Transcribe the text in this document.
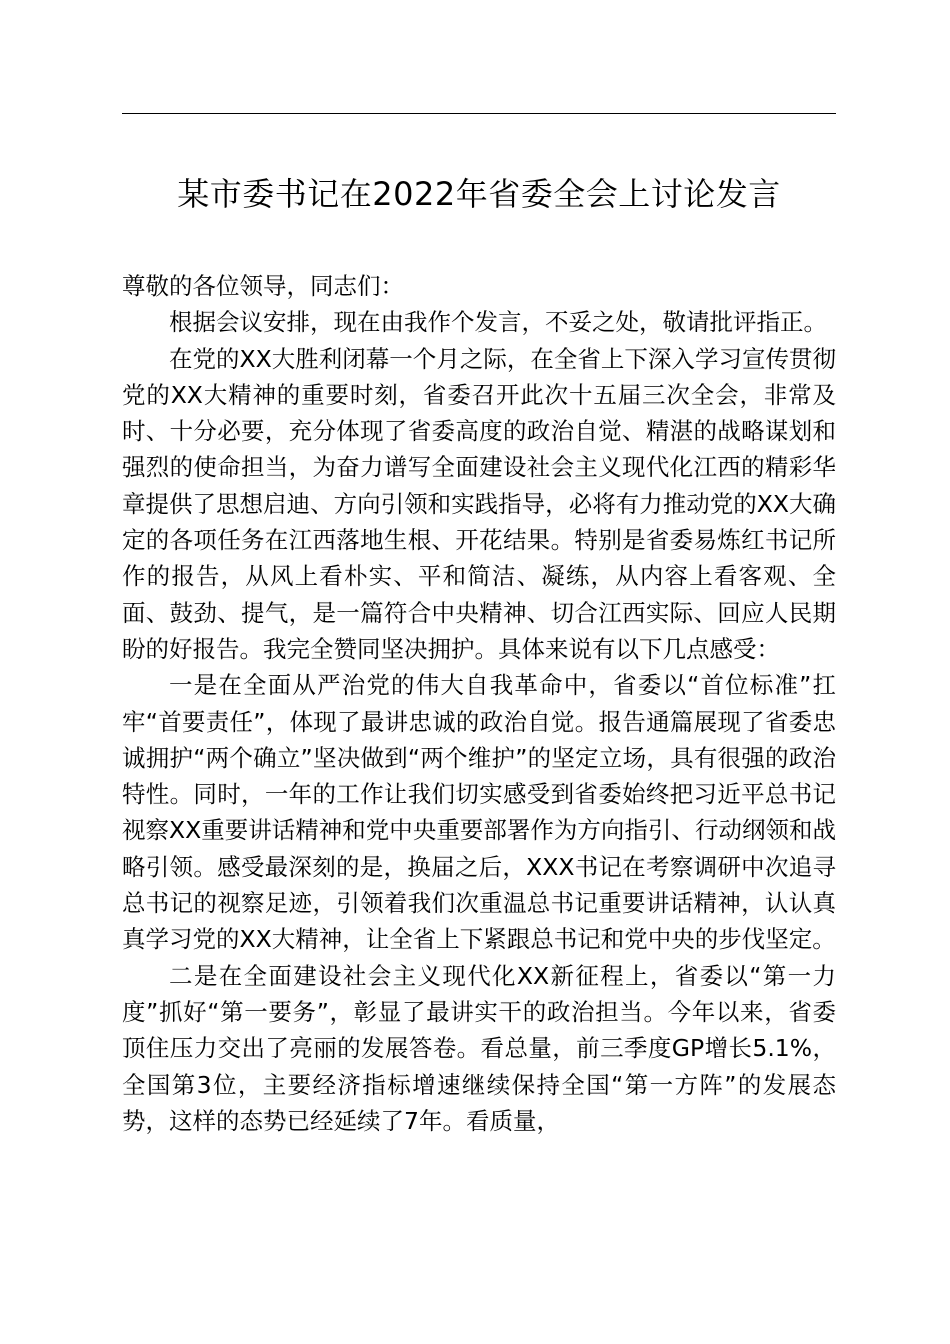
某市委书记在2022年省委全会上讨论发言

尊敬的各位领导，同志们：

根据会议安排，现在由我作个发言，不妥之处，敬请批评指正。

在党的XX大胜利闭幕一个月之际，在全省上下深入学习宣传贯彻党的XX大精神的重要时刻，省委召开此次十五届三次全会，非常及时、十分必要，充分体现了省委高度的政治自觉、精湛的战略谋划和强烈的使命担当，为奋力谱写全面建设社会主义现代化江西的精彩华章提供了思想启迪、方向引领和实践指导，必将有力推动党的XX大确定的各项任务在江西落地生根、开花结果。特别是省委易炼红书记所作的报告，从风上看朴实、平和简洁、凝练，从内容上看客观、全面、鼓劲、提气，是一篇符合中央精神、切合江西实际、回应人民期盼的好报告。我完全赞同坚决拥护。具体来说有以下几点感受：

一是在全面从严治党的伟大自我革命中，省委以“首位标准”扛牢“首要责任”，体现了最讲忠诚的政治自觉。报告通篇展现了省委忠诚拥护“两个确立”坚决做到“两个维护”的坚定立场，具有很强的政治特性。同时，一年的工作让我们切实感受到省委始终把习近平总书记视察XX重要讲话精神和党中央重要部署作为方向指引、行动纲领和战略引领。感受最深刻的是，换届之后，XXX书记在考察调研中次追寻总书记的视察足迹，引领着我们次重温总书记重要讲话精神，认认真真学习党的XX大精神，让全省上下紧跟总书记和党中央的步伐坚定。

二是在全面建设社会主义现代化XX新征程上，省委以“第一力度”抓好“第一要务”，彰显了最讲实干的政治担当。今年以来，省委顶住压力交出了亮丽的发展答卷。看总量，前三季度GP增长5.1%，全国第3位，主要经济指标增速继续保持全国“第一方阵”的发展态势，这样的态势已经延续了7年。看质量，
